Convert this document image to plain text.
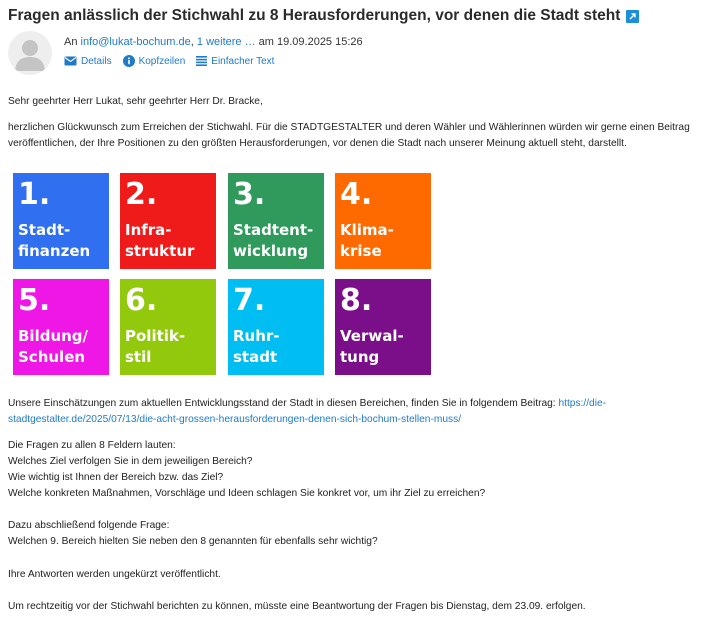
Fragen anlässlich der Stichwahl zu 8 Herausforderungen, vor denen die Stadt steht
An info@lukat-bochum.de, 1 weitere … am 19.09.2025 15:26
Details	Kopfzeilen	Einfacher Text
Sehr geehrter Herr Lukat, sehr geehrter Herr Dr. Bracke,
herzlichen Glückwunsch zum Erreichen der Stichwahl. Für die STADTGESTALTER und deren Wähler und Wählerinnen würden wir gerne einen Beitrag
veröffentlichen, der Ihre Positionen zu den größten Herausforderungen, vor denen die Stadt nach unserer Meinung aktuell steht, darstellt.
1.
Stadt-
finanzen
2.
Infra-
struktur
3.
Stadtent-
wicklung
4.
Klima-
krise
5.
Bildung/
Schulen
6.
Politik-
stil
7.
Ruhr-
stadt
8.
Verwal-
tung
Unsere Einschätzungen zum aktuellen Entwicklungsstand der Stadt in diesen Bereichen, finden Sie in folgendem Beitrag: https://die-
stadtgestalter.de/2025/07/13/die-acht-grossen-herausforderungen-denen-sich-bochum-stellen-muss/
Die Fragen zu allen 8 Feldern lauten:
Welches Ziel verfolgen Sie in dem jeweiligen Bereich?
Wie wichtig ist Ihnen der Bereich bzw. das Ziel?
Welche konkreten Maßnahmen, Vorschläge und Ideen schlagen Sie konkret vor, um ihr Ziel zu erreichen?
Dazu abschließend folgende Frage:
Welchen 9. Bereich hielten Sie neben den 8 genannten für ebenfalls sehr wichtig?
Ihre Antworten werden ungekürzt veröffentlicht.
Um rechtzeitig vor der Stichwahl berichten zu können, müsste eine Beantwortung der Fragen bis Dienstag, dem 23.09. erfolgen.
